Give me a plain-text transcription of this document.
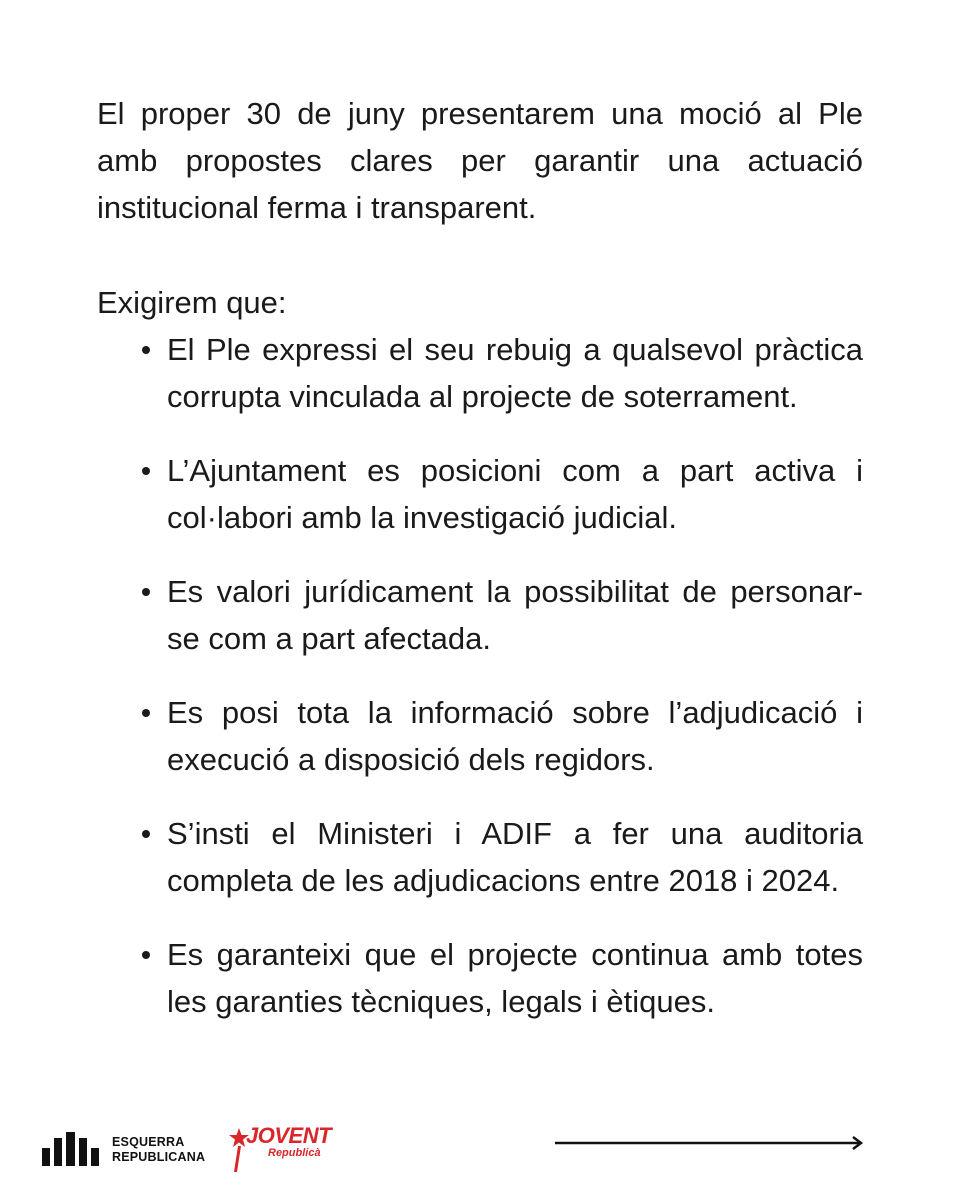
El proper 30 de juny presentarem una moció al Ple amb propostes clares per garantir una actuació institucional ferma i transparent.

Exigirem que:

El Ple expressi el seu rebuig a qualsevol pràctica corrupta vinculada al projecte de soterrament.
L’Ajuntament es posicioni com a part activa i col·labori amb la investigació judicial.
Es valori jurídicament la possibilitat de personar-se com a part afectada.
Es posi tota la informació sobre l’adjudicació i execució a disposició dels regidors.
S’insti el Ministeri i ADIF a fer una auditoria completa de les adjudicacions entre 2018 i 2024.
Es garanteixi que el projecte continua amb totes les garanties tècniques, legals i ètiques.
ESQUERRA
REPUBLICANA
JOVENT
Republicà
